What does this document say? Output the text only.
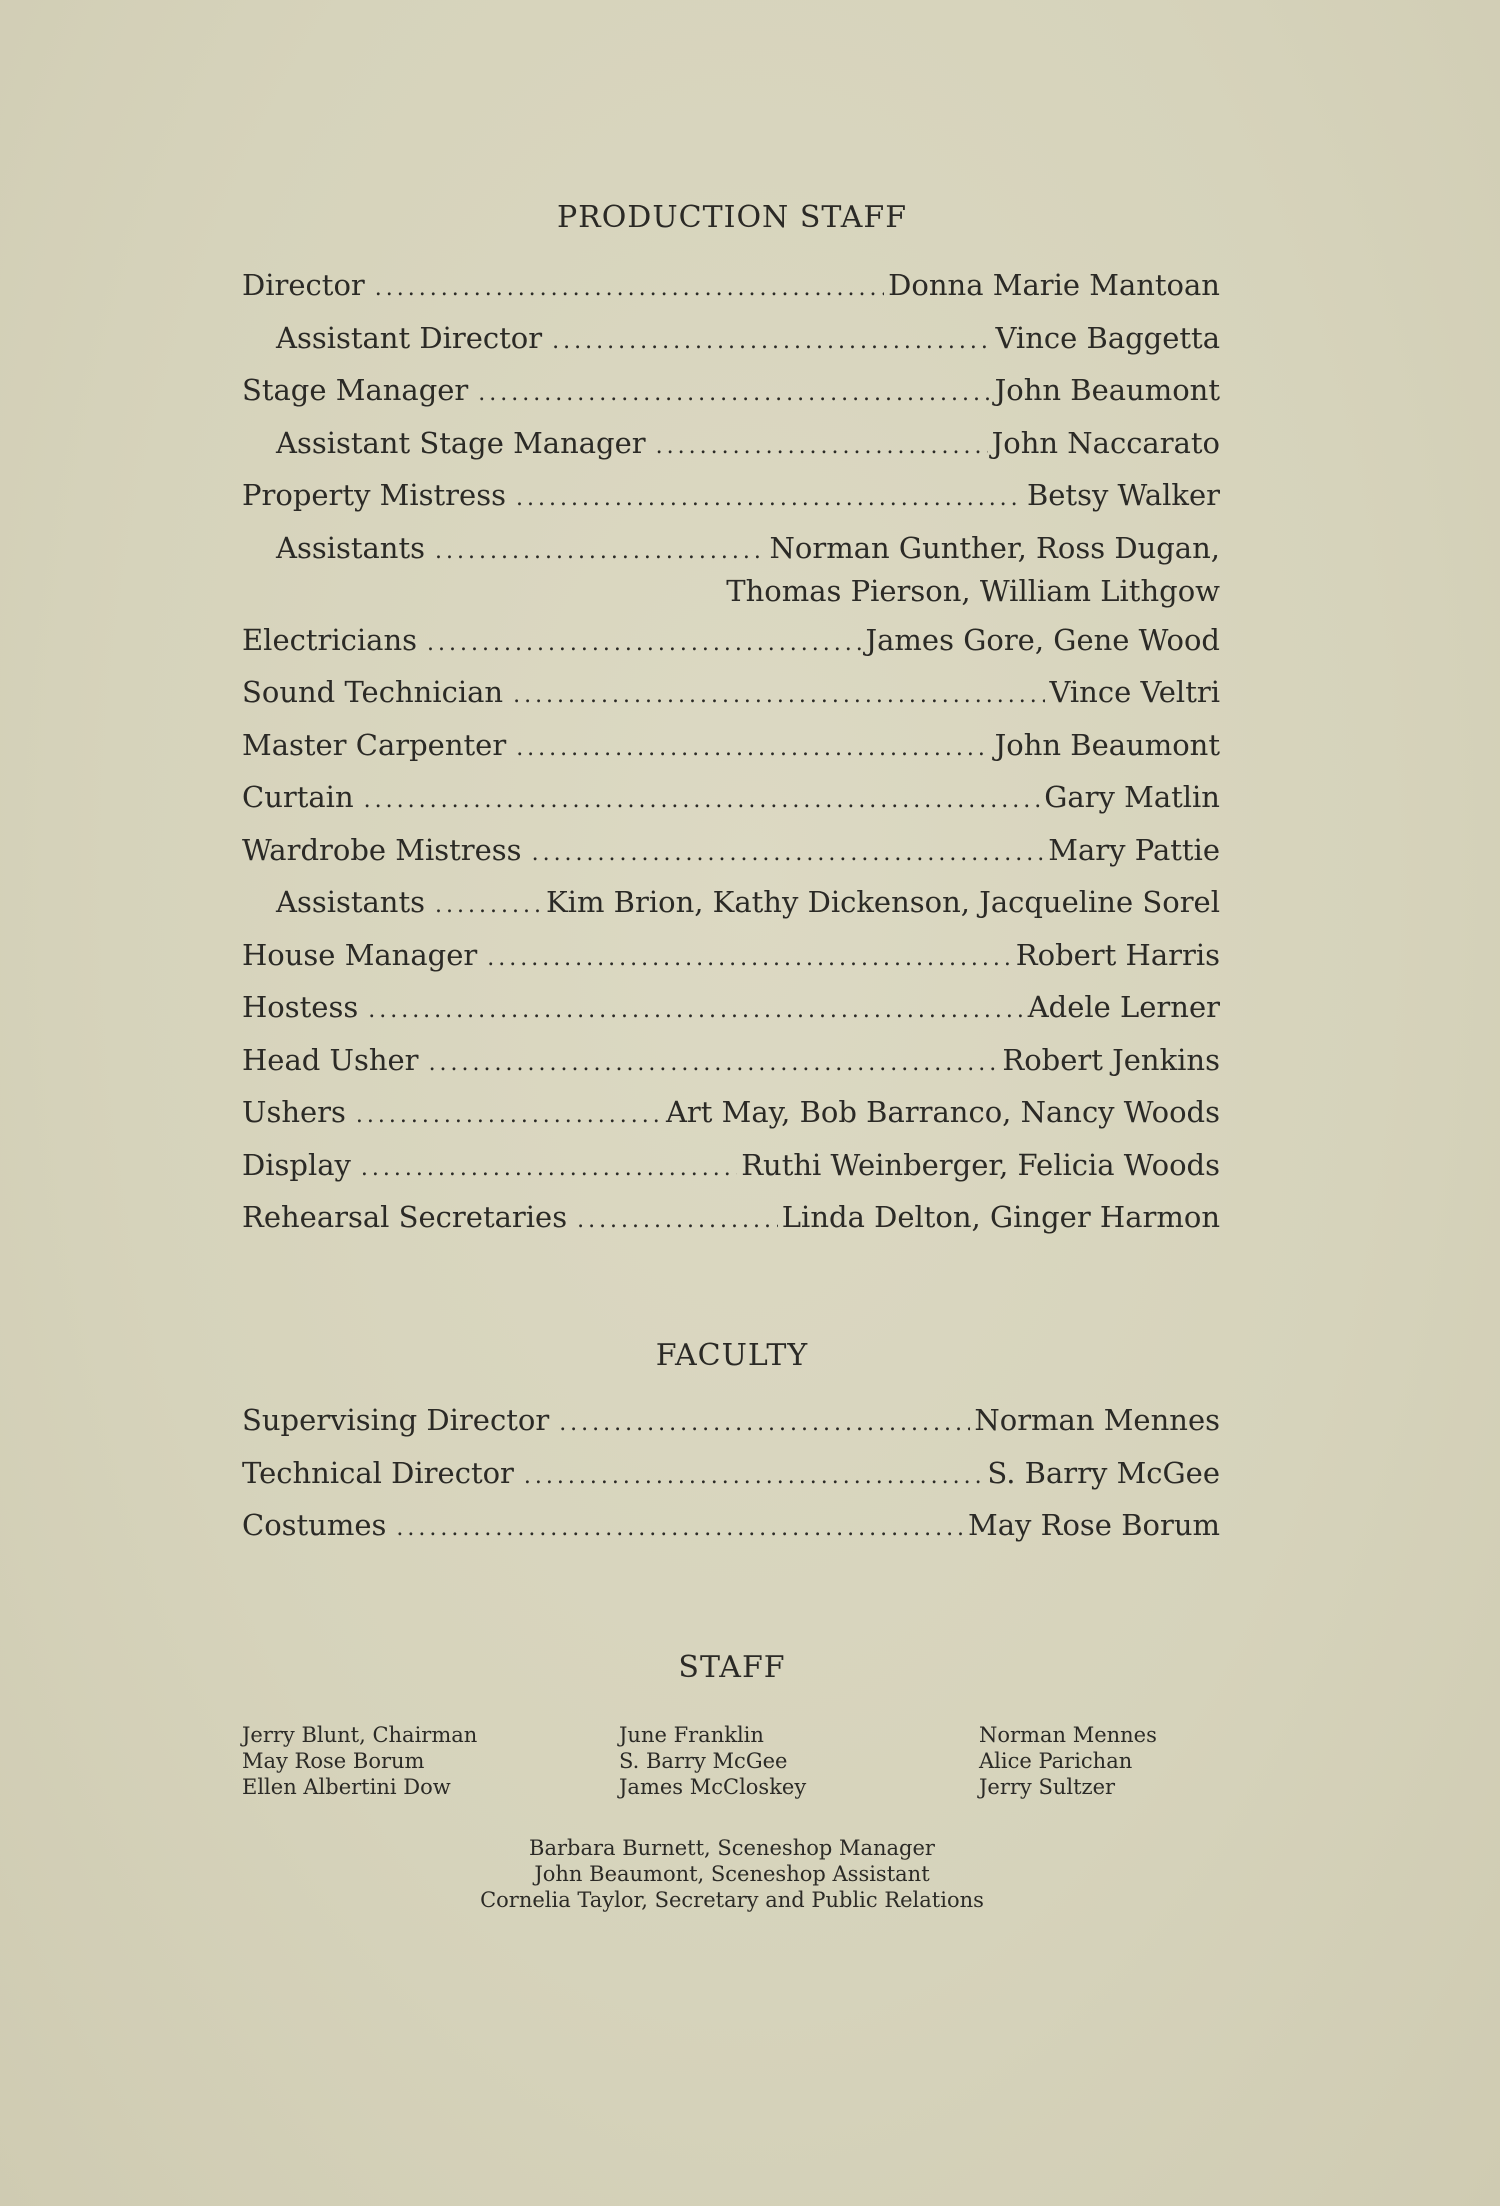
PRODUCTION STAFF
Director .....	Donna Marie Mantoan
Assistant Director .....	Vince Baggetta
Stage Manager .....	John Beaumont
Assistant Stage Manager .....	John Naccarato
Property Mistress .....	Betsy Walker
Assistants .....	Norman Gunther, Ross Dugan,
Thomas Pierson, William Lithgow
Electricians .....	James Gore, Gene Wood
Sound Technician .....	Vince Veltri
Master Carpenter .....	John Beaumont
Curtain .....	Gary Matlin
Wardrobe Mistress .....	Mary Pattie
Assistants .....	Kim Brion, Kathy Dickenson, Jacqueline Sorel
House Manager .....	Robert Harris
Hostess .....	Adele Lerner
Head Usher .....	Robert Jenkins
Ushers .....	Art May, Bob Barranco, Nancy Woods
Display .....	Ruthi Weinberger, Felicia Woods
Rehearsal Secretaries .....	Linda Delton, Ginger Harmon
FACULTY
Supervising Director .....	Norman Mennes
Technical Director .....	S. Barry McGee
Costumes .....	May Rose Borum
STAFF
Jerry Blunt, Chairman
May Rose Borum
Ellen Albertini Dow
June Franklin
S. Barry McGee
James McCloskey
Norman Mennes
Alice Parichan
Jerry Sultzer
Barbara Burnett, Sceneshop Manager
John Beaumont, Sceneshop Assistant
Cornelia Taylor, Secretary and Public Relations
